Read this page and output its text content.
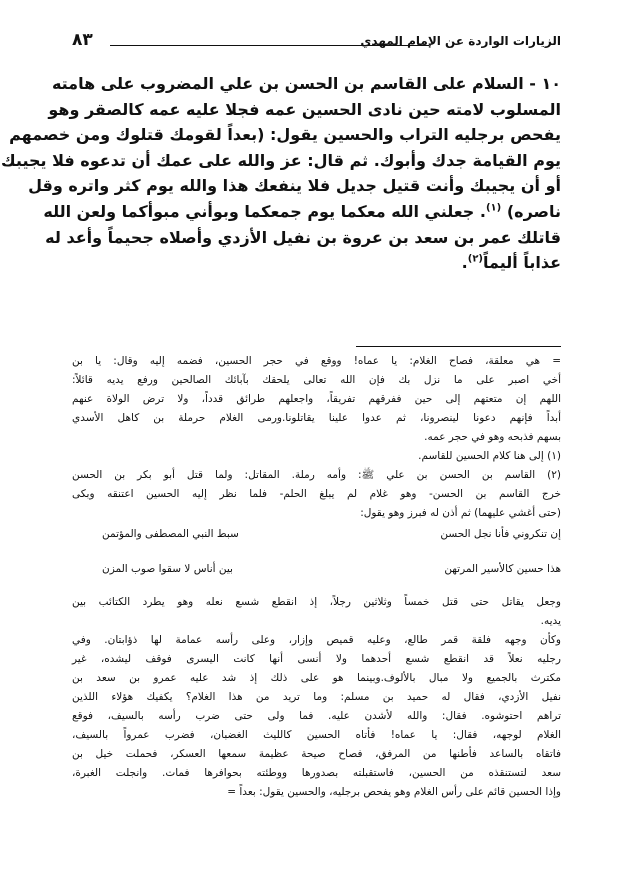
الزيارات الواردة عن الإمام المهدي
٨٣
١٠ - السلام على القاسم بن الحسن بن علي المضروب على هامته
المسلوب لامته حين نادى الحسين عمه فجلا عليه عمه كالصقر وهو
يفحص برجليه التراب والحسين يقول: (بعداً لقومك قتلوك ومن خصمهم
يوم القيامة جدك وأبوك. ثم قال: عز والله على عمك أن تدعوه فلا يجيبك
أو أن يجيبك وأنت قتيل جديل فلا ينفعك هذا والله يوم كثر واتره وقل
ناصره) $^{(١)}$. جعلني الله معكما يوم جمعكما وبوأني مبوأكما ولعن الله
قاتلك عمر بن سعد بن عروة بن نفيل الأزدي وأصلاه جحيماً وأعد له
عذاباً أليماً$^{(٢)}$.
= هي معلقة، فصاح الغلام: يا عماه! ووقع في حجر الحسين، فضمه إليه وقال: يا بن
أخي اصبر على ما نزل بك فإن الله تعالى يلحقك بآبائك الصالحين ورفع يديه قائلاً:
اللهم إن متعتهم إلى حين ففرقهم تفريقاً، واجعلهم طرائق قدداً، ولا ترض الولاة عنهم
أبداً فإنهم دعونا لينصرونا، ثم عدوا علينا يقاتلونا.ورمى الغلام حرملة بن كاهل الأسدي
بسهم فذبحه وهو في حجر عمه.
(١) إلى هنا كلام الحسين للقاسم.
(٢) القاسم بن الحسن بن علي ﷺ: وأمه رملة. المقاتل: ولما قتل أبو بكر بن الحسن
خرج القاسم بن الحسن- وهو غلام لم يبلغ الحلم- فلما نظر إليه الحسين اعتنقه وبكى
(حتى أغشي عليهما) ثم أذن له فبرز وهو يقول:
إن تنكروني فأنا نجل الحسن
سبط النبي المصطفى والمؤتمن
هذا حسين كالأسير المرتهن
بين أناس لا سقوا صوب المزن
وجعل يقاتل حتى قتل خمساً وثلاثين رجلاً، إذ انقطع شسع نعله وهو يطرد الكتائب بين
يديه.
وكأن وجهه فلقة قمر طالع، وعليه قميص وإزار، وعلى رأسه عمامة لها ذؤابتان. وفي
رجليه نعلاً قد انقطع شسع أحدهما ولا أنسى أنها كانت اليسرى فوقف ليشده، غير
مكترث بالجميع ولا مبال بالألوف.وبينما هو على ذلك إذ شد عليه عمرو بن سعد بن
نفيل الأزدي، فقال له حميد بن مسلم: وما تريد من هذا الغلام؟ يكفيك هؤلاء اللذين
تراهم احتوشوه. فقال: والله لأشدن عليه. فما ولى حتى ضرب رأسه بالسيف، فوقع
الغلام لوجهه، فقال: يا عماه! فأتاه الحسين كالليث الغضبان، فضرب عمرواً بالسيف،
فاتقاه بالساعد فأطنها من المرفق، فصاح صيحة عظيمة سمعها العسكر، فحملت خيل بن
سعد لتستنقذه من الحسين، فاستقبلته بصدورها ووطئته بحوافرها فمات. وانجلت الغبرة،
وإذا الحسين قائم على رأس الغلام وهو يفحص برجليه، والحسين يقول: بعداً =
